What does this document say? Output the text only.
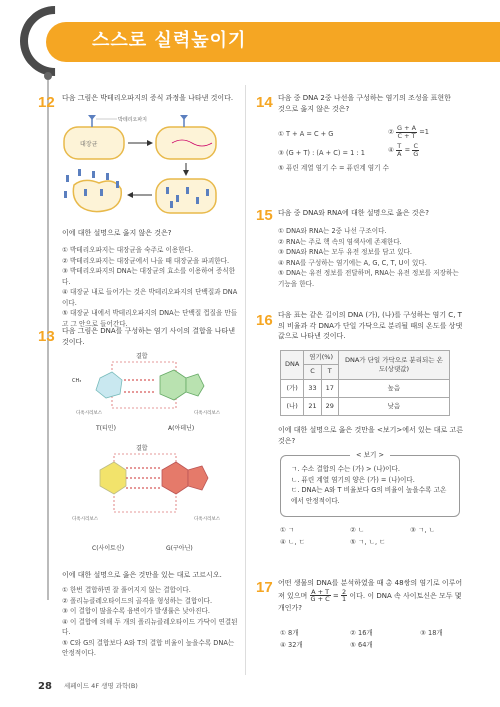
스스로 실력높이기
12 다음 그림은 박테리오파지의 증식 과정을 나타낸 것이다.
대장균
박테리오파지
이에 대한 설명으로 옳지 않은 것은?
① 박테리오파지는 대장균을 숙주로 이용한다.
② 박테리오파지는 대장균에서 나올 때 대장균을 파괴한다.
③ 박테리오파지의 DNA는 대장균의 효소를 이용하여 증식한다.
④ 대장균 내로 들어가는 것은 박테리오파지의 단백질과 DNA이다.
⑤ 대장균 내에서 박테리오파지의 DNA는 단백질 껍질을 만들고 그 안으로 들어간다.
13 다음 그림은 DNA를 구성하는 염기 사이의 결합을 나타낸 것이다.
결합
CH₃
디옥시리보스	디옥시리보스
T(티민)	A(아데닌)
결합
디옥시리보스	디옥시리보스
C(사이토신)	G(구아닌)
이에 대한 설명으로 옳은 것만을 있는 대로 고르시오.
① 한번 결합하면 잘 풀어지지 않는 결합이다.
② 폴리뉴클레오타이드의 골격을 형성하는 결합이다.
③ 이 결합이 많을수록 융변이가 발생률은 낮아진다.
④ 이 결합에 의해 두 개의 폴리뉴클레오타이드 가닥이 연결된다.
⑤ C와 G의 결합보다 A와 T의 결합 비율이 높을수록 DNA는 안정적이다.
14 다음 중 DNA 2중 나선을 구성하는 염기의 조성을 표현한 것으로 옳지 않은 것은?
① T + A = C + G	② $\frac{G + A}{C + T} =1$
③ (G + T) : (A + C) = 1 : 1	④ $\frac{T}{A} = \frac{C}{G}$
⑤ 퓨린 계열 염기 수 = 퓨린계 염기 수
15 다음 중 DNA와 RNA에 대한 설명으로 옳은 것은?
① DNA와 RNA는 2중 나선 구조이다.
② RNA는 주로 핵 속의 염색사에 존재한다.
③ DNA와 RNA는 모두 유전 정보를 담고 있다.
④ RNA를 구성하는 염기에는 A, G, C, T, U이 있다.
⑤ DNA는 유전 정보를 전달하며, RNA는 유전 정보를 저장하는 기능을 한다.
16 다음 표는 같은 길이의 DNA (가), (나)를 구성하는 염기 C, T의 비율과 각 DNA가 단일 가닥으로 분리될 때의 온도를 상댓값으로 나타낸 것이다.
DNA	염기(%)		DNA가 단일 가닥으로 분리되는 온도(상댓값)
	C	T	
(가)	33	17	높음
(나)	21	29	낮음
이에 대한 설명으로 옳은 것만을 <보기>에서 있는 대로 고른 것은?
< 보기 >
ㄱ. 수소 결합의 수는 (가) > (나)이다.
ㄴ. 퓨린 계열 염기의 양은 (가) = (나)이다.
ㄷ. DNA는 A와 T 비율보다 G의 비율이 높을수록 고온에서 안정적이다.
① ㄱ	② ㄴ	③ ㄱ, ㄴ
④ ㄴ, ㄷ	⑤ ㄱ, ㄴ, ㄷ
17 어떤 생물의 DNA를 분석하였을 때 총 48쌍의 염기로 이루어져 있으며 $\frac{A + T}{G + C} = \frac{2}{1}$ 이다. 이 DNA 속 사이토신은 모두 몇 개인가?
① 8개	② 16개	③ 18개
④ 32개	⑤ 64개
28 세페이드 4F 생명 과학(B)
